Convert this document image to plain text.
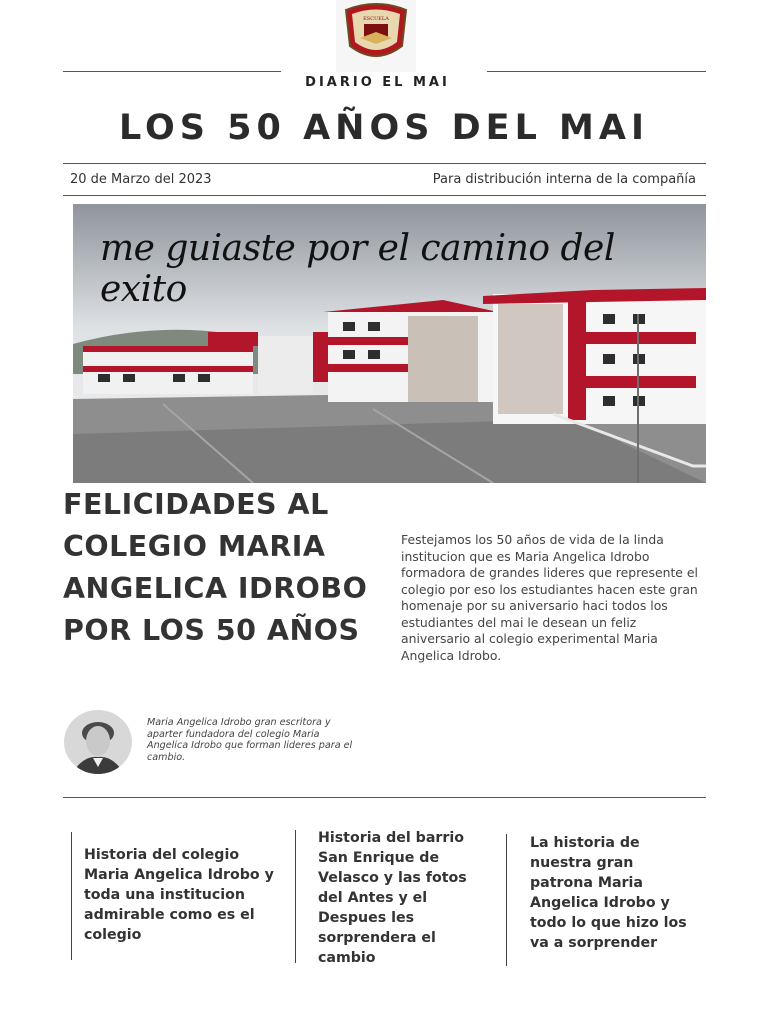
ESCUELA
DIARIO EL MAI
LOS 50 AÑOS DEL MAI
20 de Marzo del 2023	Para distribución interna de la compañía
me guiaste por el camino del exito
FELICIDADES AL COLEGIO MARIA ANGELICA IDROBO POR LOS 50 AÑOS
Festejamos los 50 años de vida de la linda institucion que es Maria Angelica Idrobo formadora de grandes lideres que represente el colegio por eso los estudiantes hacen este gran homenaje por su aniversario haci todos los estudiantes del mai le desean un feliz aniversario al colegio experimental Maria Angelica Idrobo.
Maria Angelica Idrobo gran escritora y aparter fundadora del colegio Maria Angelica Idrobo que forman lideres para el cambio.
Historia del colegio Maria Angelica Idrobo y toda una institucion admirable como es el colegio
Historia del barrio San Enrique de Velasco y las fotos del Antes y el Despues les sorprendera el cambio
La historia de nuestra gran patrona Maria Angelica Idrobo y todo lo que hizo los va a sorprender
